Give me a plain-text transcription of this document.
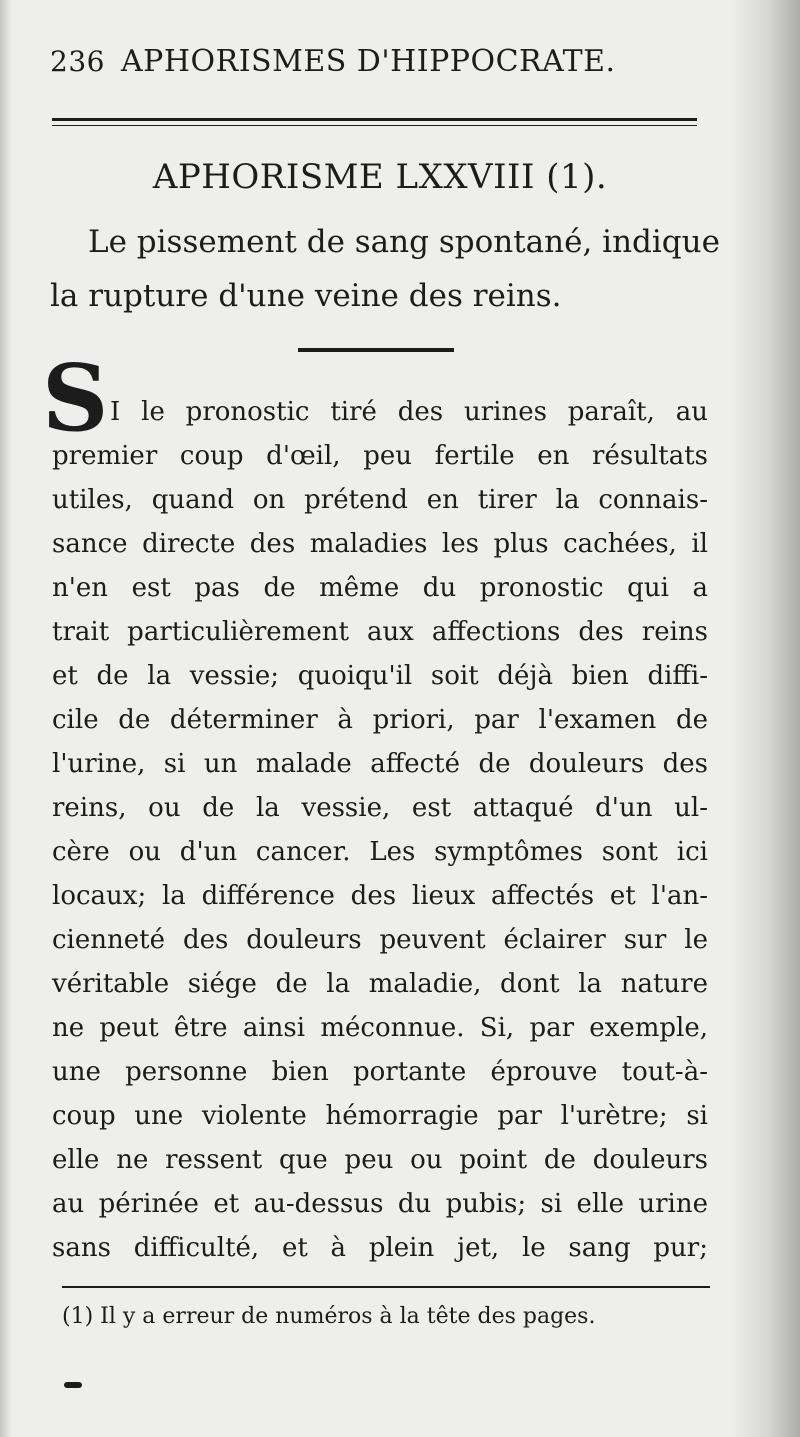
236 APHORISMES D'HIPPOCRATE.
APHORISME LXXVIII (1).
Le pissement de sang spontané, indique
la rupture d'une veine des reins.
S I le pronostic tiré des urines paraît, au
premier coup d'œil, peu fertile en résultats
utiles, quand on prétend en tirer la connais-
sance directe des maladies les plus cachées, il
n'en est pas de même du pronostic qui a
trait particulièrement aux affections des reins
et de la vessie; quoiqu'il soit déjà bien diffi-
cile de déterminer à priori, par l'examen de
l'urine, si un malade affecté de douleurs des
reins, ou de la vessie, est attaqué d'un ul-
cère ou d'un cancer. Les symptômes sont ici
locaux; la différence des lieux affectés et l'an-
cienneté des douleurs peuvent éclairer sur le
véritable siége de la maladie, dont la nature
ne peut être ainsi méconnue. Si, par exemple,
une personne bien portante éprouve tout-à-
coup une violente hémorragie par l'urètre; si
elle ne ressent que peu ou point de douleurs
au périnée et au-dessus du pubis; si elle urine
sans difficulté, et à plein jet, le sang pur;
(1) Il y a erreur de numéros à la tête des pages.
